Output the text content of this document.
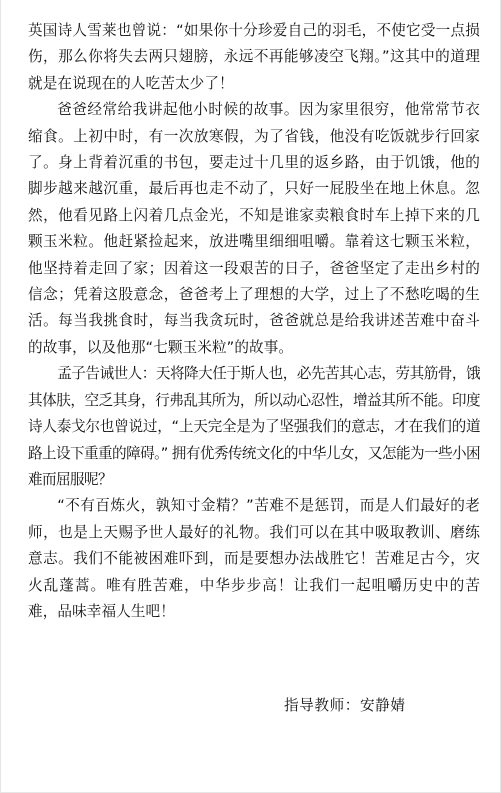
英国诗人雪莱也曾说：“如果你十分珍爱自己的羽毛，不使它受一点损伤，那么你将失去两只翅膀，永远不再能够凌空飞翔。”这其中的道理就是在说现在的人吃苦太少了！

爸爸经常给我讲起他小时候的故事。因为家里很穷，他常常节衣缩食。上初中时，有一次放寒假，为了省钱，他没有吃饭就步行回家了。身上背着沉重的书包，要走过十几里的返乡路，由于饥饿，他的脚步越来越沉重，最后再也走不动了，只好一屁股坐在地上休息。忽然，他看见路上闪着几点金光，不知是谁家卖粮食时车上掉下来的几颗玉米粒。他赶紧捡起来，放进嘴里细细咀嚼。靠着这七颗玉米粒，他坚持着走回了家；因着这一段艰苦的日子，爸爸坚定了走出乡村的信念；凭着这股意念，爸爸考上了理想的大学，过上了不愁吃喝的生活。每当我挑食时，每当我贪玩时，爸爸就总是给我讲述苦难中奋斗的故事，以及他那“七颗玉米粒”的故事。

孟子告诫世人：天将降大任于斯人也，必先苦其心志，劳其筋骨，饿其体肤，空乏其身，行弗乱其所为，所以动心忍性，增益其所不能。印度诗人泰戈尔也曾说过，“上天完全是为了坚强我们的意志，才在我们的道路上设下重重的障碍。” 拥有优秀传统文化的中华儿女，又怎能为一些小困难而屈服呢？

“不有百炼火，孰知寸金精？”苦难不是惩罚，而是人们最好的老师，也是上天赐予世人最好的礼物。我们可以在其中吸取教训、磨练意志。我们不能被困难吓到，而是要想办法战胜它！苦难足古今，灾火乱蓬蒿。唯有胜苦难，中华步步高！让我们一起咀嚼历史中的苦难，品味幸福人生吧！

指导教师：安静婧
